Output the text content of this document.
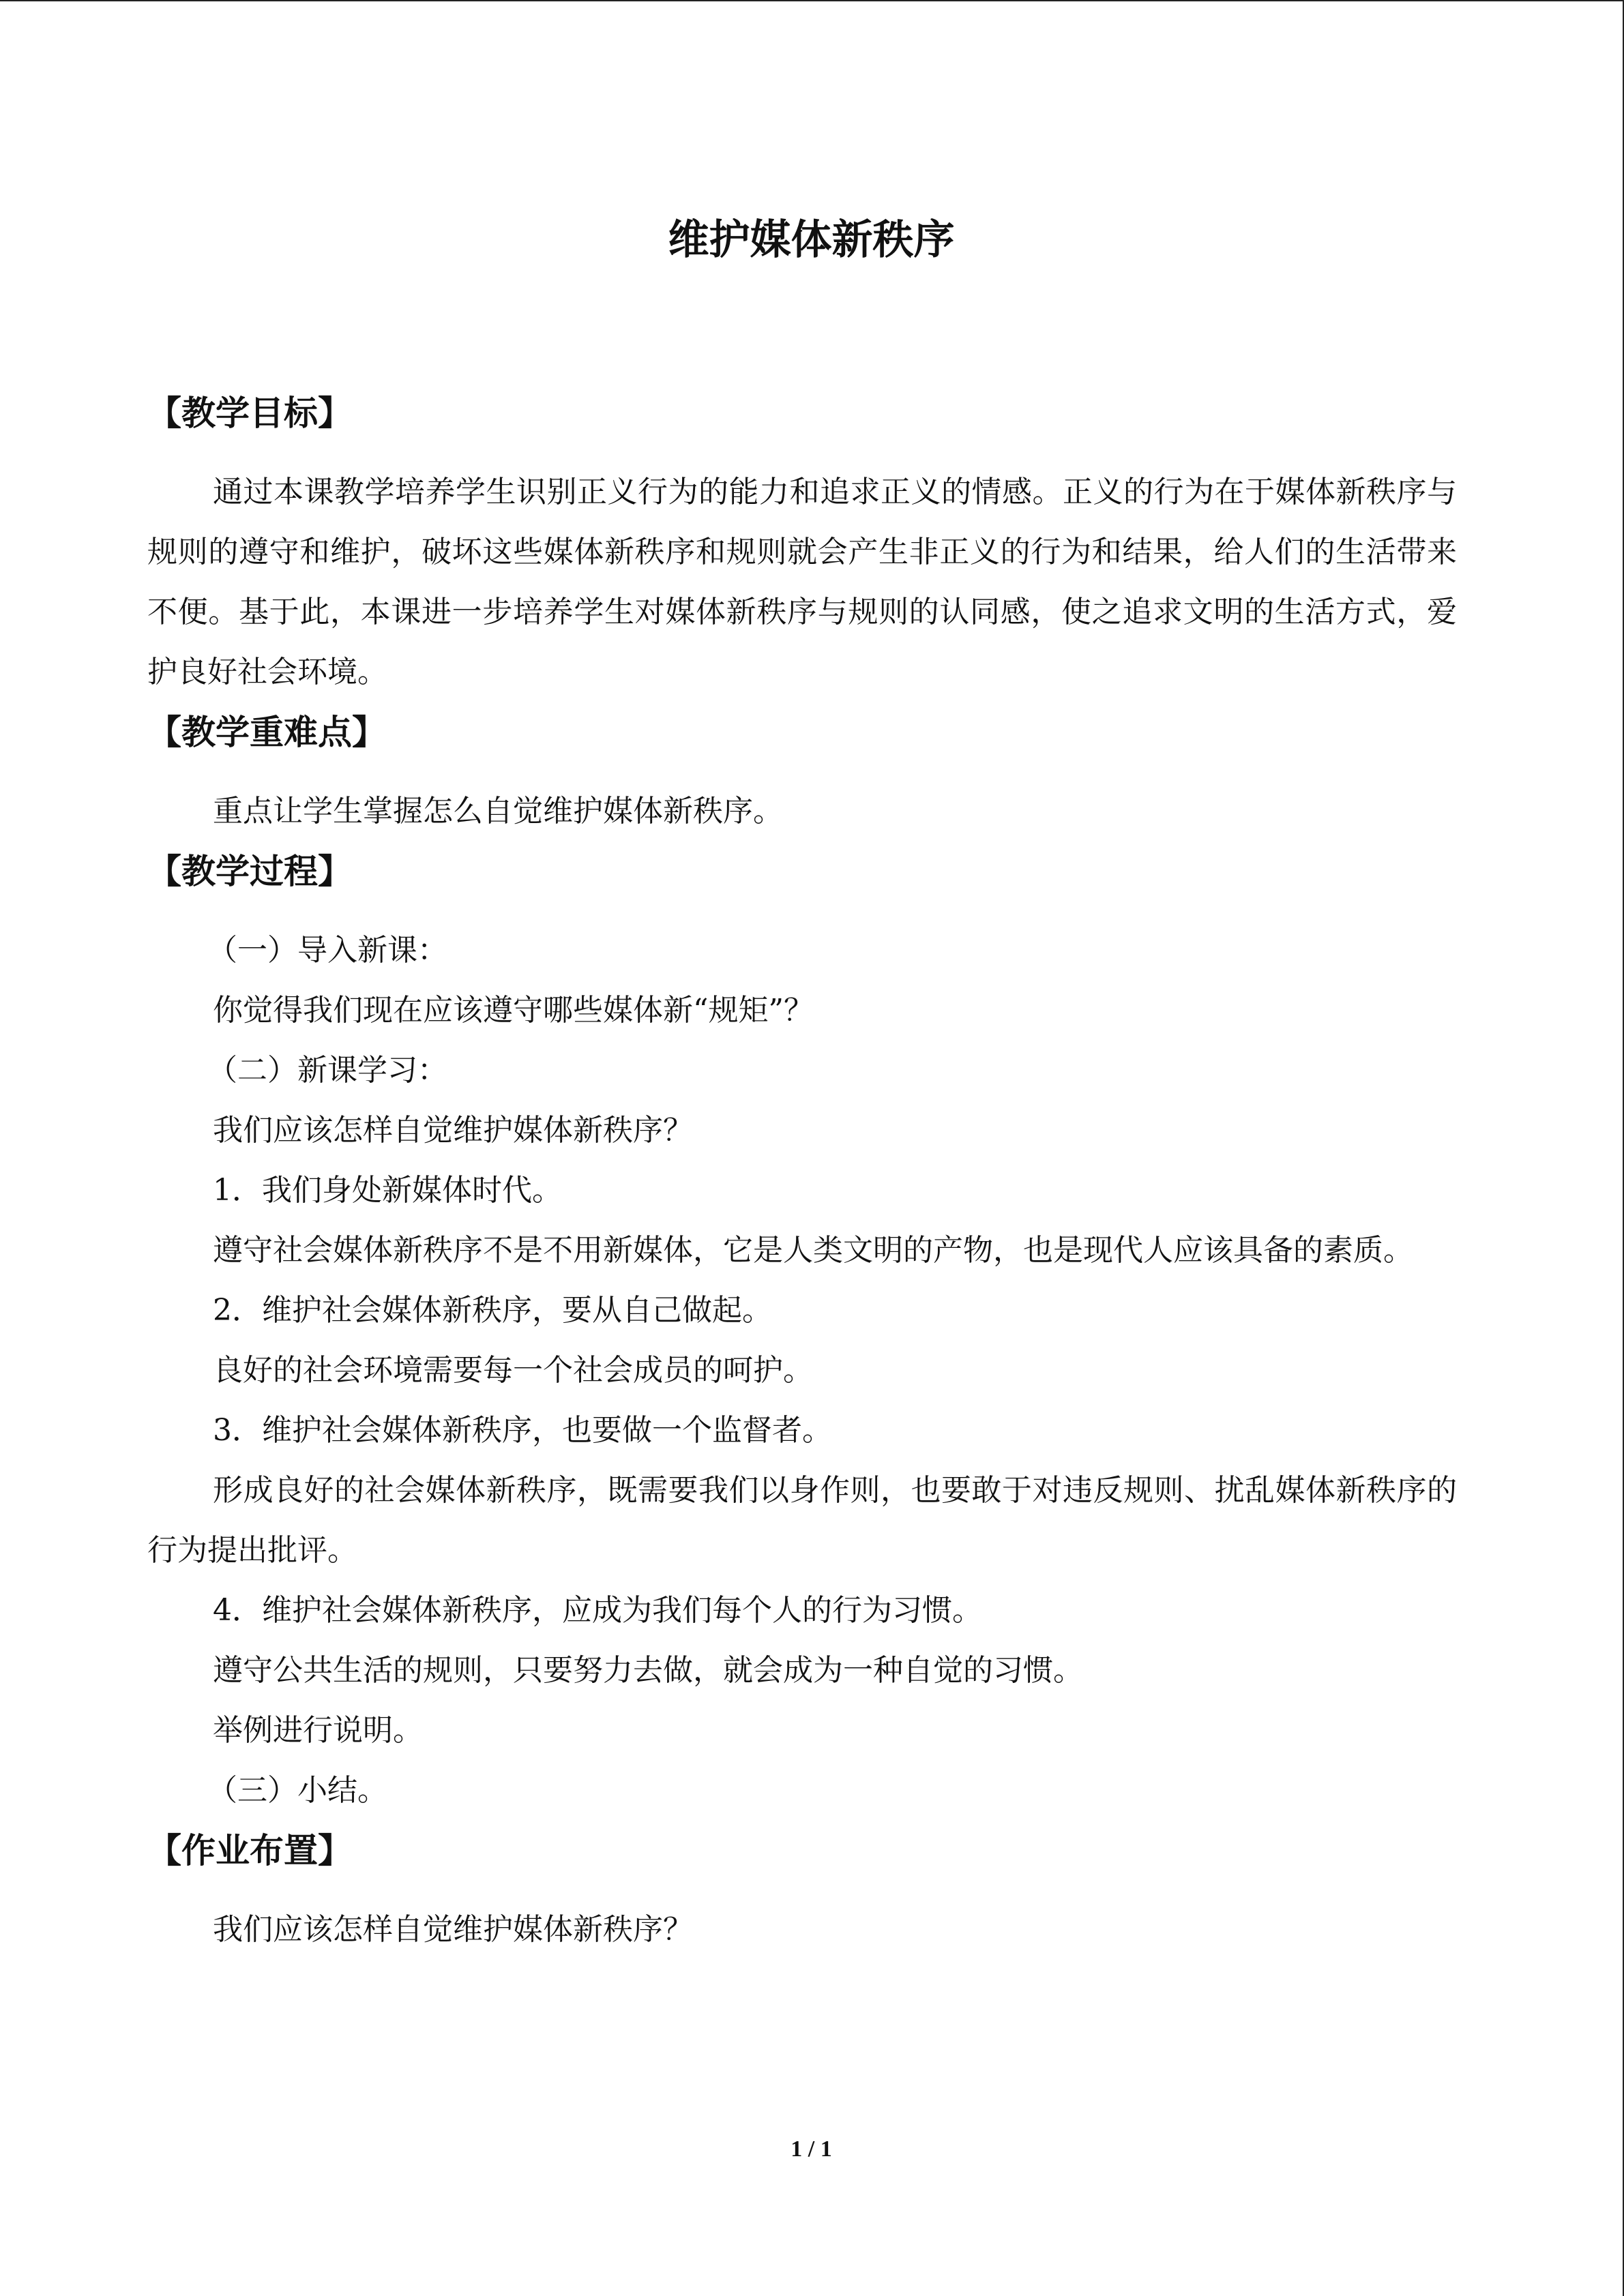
维护媒体新秩序
【教学目标】

通过本课教学培养学生识别正义行为的能力和追求正义的情感。正义的行为在于媒体新秩序与规则的遵守和维护，破坏这些媒体新秩序和规则就会产生非正义的行为和结果，给人们的生活带来不便。基于此，本课进一步培养学生对媒体新秩序与规则的认同感，使之追求文明的生活方式，爱护良好社会环境。

【教学重难点】

重点让学生掌握怎么自觉维护媒体新秩序。

【教学过程】

（一）导入新课：

你觉得我们现在应该遵守哪些媒体新“规矩”？

（二）新课学习：

我们应该怎样自觉维护媒体新秩序？

1．我们身处新媒体时代。

遵守社会媒体新秩序不是不用新媒体，它是人类文明的产物，也是现代人应该具备的素质。

2．维护社会媒体新秩序，要从自己做起。

良好的社会环境需要每一个社会成员的呵护。

3．维护社会媒体新秩序，也要做一个监督者。

形成良好的社会媒体新秩序，既需要我们以身作则，也要敢于对违反规则、扰乱媒体新秩序的行为提出批评。

4．维护社会媒体新秩序，应成为我们每个人的行为习惯。

遵守公共生活的规则，只要努力去做，就会成为一种自觉的习惯。

举例进行说明。

（三）小结。

【作业布置】

我们应该怎样自觉维护媒体新秩序？

1 / 1
